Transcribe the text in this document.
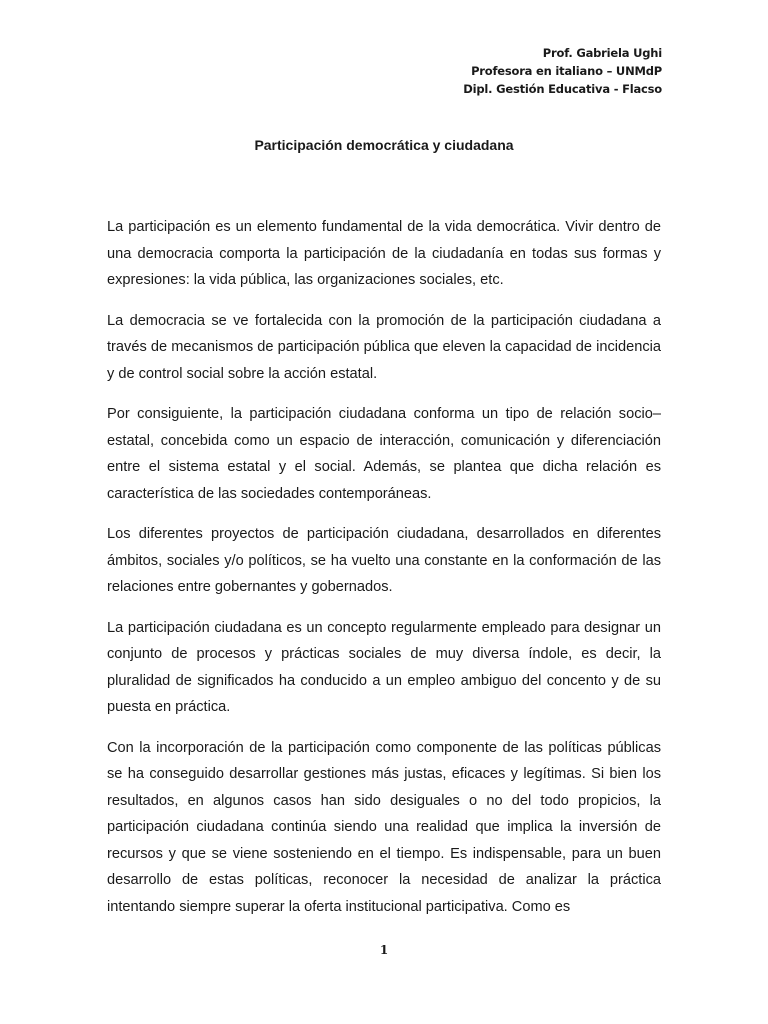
Prof. Gabriela Ughi
Profesora en italiano – UNMdP
Dipl. Gestión Educativa - Flacso
Participación democrática y ciudadana

La participación es un elemento fundamental de la vida democrática. Vivir dentro de una democracia comporta la participación de la ciudadanía en todas sus formas y expresiones: la vida pública, las organizaciones sociales, etc.

La democracia se ve fortalecida con la promoción de la participación ciudadana a través de mecanismos de participación pública que eleven la capacidad de incidencia y de control social sobre la acción estatal.

Por consiguiente, la participación ciudadana conforma un tipo de relación socio–estatal, concebida como un espacio de interacción, comunicación y diferenciación entre el sistema estatal y el social. Además, se plantea que dicha relación es característica de las sociedades contemporáneas.

Los diferentes proyectos de participación ciudadana, desarrollados en diferentes ámbitos, sociales y/o políticos, se ha vuelto una constante en la conformación de las relaciones entre gobernantes y gobernados.

La participación ciudadana es un concepto regularmente empleado para designar un conjunto de procesos y prácticas sociales de muy diversa índole, es decir, la pluralidad de significados ha conducido a un empleo ambiguo del concento y de su puesta en práctica.

Con la incorporación de la participación como componente de las políticas públicas se ha conseguido desarrollar gestiones más justas, eficaces y legítimas. Si bien los resultados, en algunos casos han sido desiguales o no del todo propicios, la participación ciudadana continúa siendo una realidad que implica la inversión de recursos y que se viene sosteniendo en el tiempo. Es indispensable, para un buen desarrollo de estas políticas, reconocer la necesidad de analizar la práctica intentando siempre superar la oferta institucional participativa. Como es

1
